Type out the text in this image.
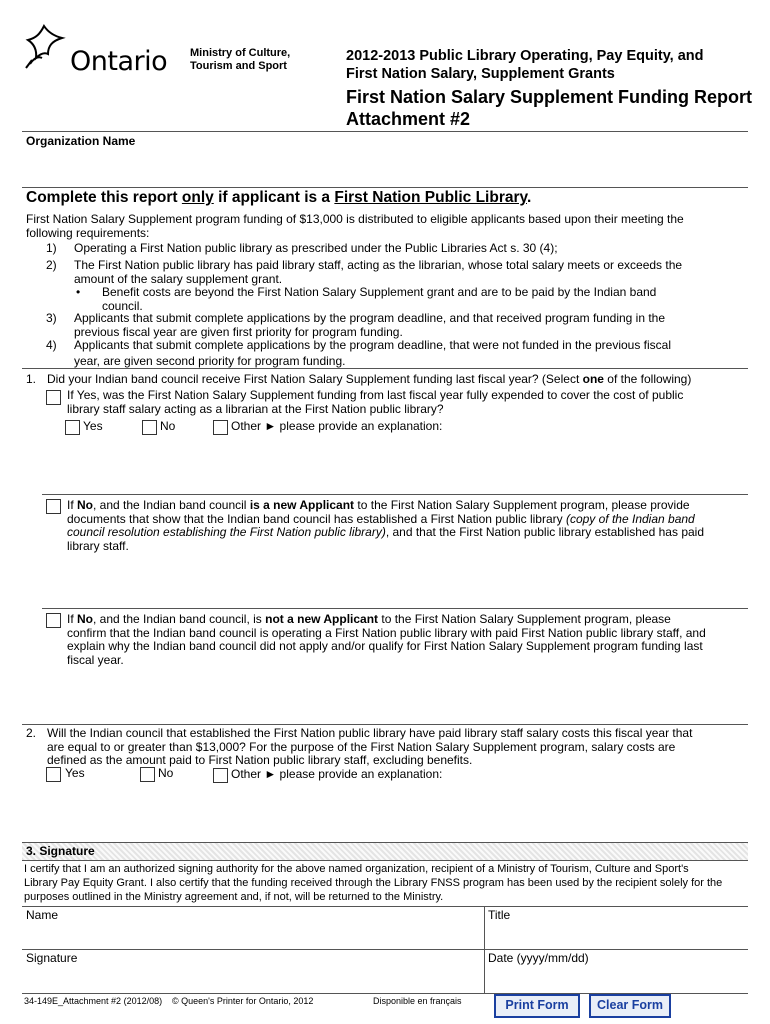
Ontario Ministry of Culture,
Tourism and Sport
2012-2013 Public Library Operating, Pay Equity, and
First Nation Salary, Supplement Grants
First Nation Salary Supplement Funding Report
Attachment #2
Organization Name
Complete this report only if applicant is a First Nation Public Library.
First Nation Salary Supplement program funding of $13,000 is distributed to eligible applicants based upon their meeting the
following requirements:
1) Operating a First Nation public library as prescribed under the Public Libraries Act s. 30 (4);
2) The First Nation public library has paid library staff, acting as the librarian, whose total salary meets or exceeds the
amount of the salary supplement grant.
• Benefit costs are beyond the First Nation Salary Supplement grant and are to be paid by the Indian band
council.
3) Applicants that submit complete applications by the program deadline, and that received program funding in the
previous fiscal year are given first priority for program funding.
4) Applicants that submit complete applications by the program deadline, that were not funded in the previous fiscal
year, are given second priority for program funding.
1. Did your Indian band council receive First Nation Salary Supplement funding last fiscal year? (Select one of the following)
If Yes, was the First Nation Salary Supplement funding from last fiscal year fully expended to cover the cost of public
library staff salary acting as a librarian at the First Nation public library?
Yes	No	Other ► please provide an explanation:
If No, and the Indian band council is a new Applicant to the First Nation Salary Supplement program, please provide
documents that show that the Indian band council has established a First Nation public library (copy of the Indian band
council resolution establishing the First Nation public library), and that the First Nation public library established has paid
library staff.
If No, and the Indian band council, is not a new Applicant to the First Nation Salary Supplement program, please
confirm that the Indian band council is operating a First Nation public library with paid First Nation public library staff, and
explain why the Indian band council did not apply and/or qualify for First Nation Salary Supplement program funding last
fiscal year.
2. Will the Indian council that established the First Nation public library have paid library staff salary costs this fiscal year that
are equal to or greater than $13,000? For the purpose of the First Nation Salary Supplement program, salary costs are
defined as the amount paid to First Nation public library staff, excluding benefits.
Yes	No	Other ► please provide an explanation:
3. Signature
I certify that I am an authorized signing authority for the above named organization, recipient of a Ministry of Tourism, Culture and Sport's
Library Pay Equity Grant. I also certify that the funding received through the Library FNSS program has been used by the recipient solely for the
purposes outlined in the Ministry agreement and, if not, will be returned to the Ministry.
Name	Title
Signature	Date (yyyy/mm/dd)
34-149E_Attachment #2 (2012/08) © Queen's Printer for Ontario, 2012	Disponible en français	Print Form	Clear Form
